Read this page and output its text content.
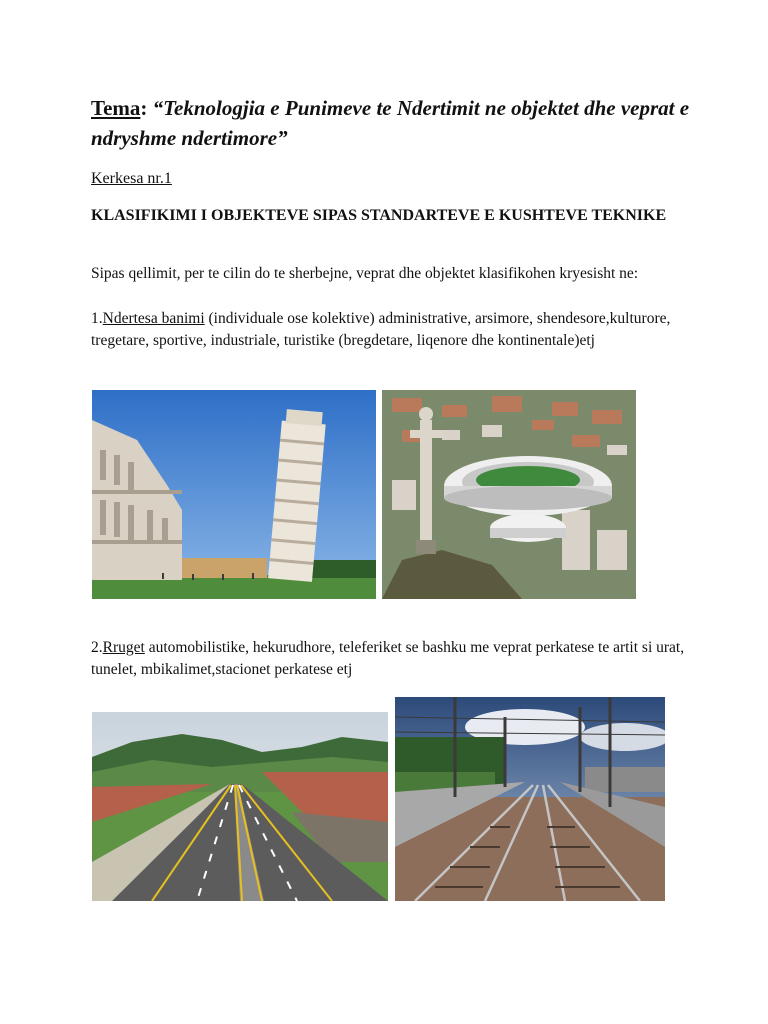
Tema: “Teknologjia e Punimeve te Ndertimit ne objektet dhe veprat e ndryshme ndertimore”
Kerkesa nr.1
KLASIFIKIMI I OBJEKTEVE SIPAS STANDARTEVE E KUSHTEVE TEKNIKE

Sipas qellimit, per te cilin do te sherbejne, veprat dhe objektet klasifikohen kryesisht ne:

1.Ndertesa banimi (individuale ose kolektive) administrative, arsimore, shendesore,kulturore, tregetare, sportive, industriale, turistike (bregdetare, liqenore dhe kontinentale)etj

2.Rruget automobilistike, hekurudhore, teleferiket se bashku me veprat perkatese te artit si urat, tunelet, mbikalimet,stacionet perkatese etj
